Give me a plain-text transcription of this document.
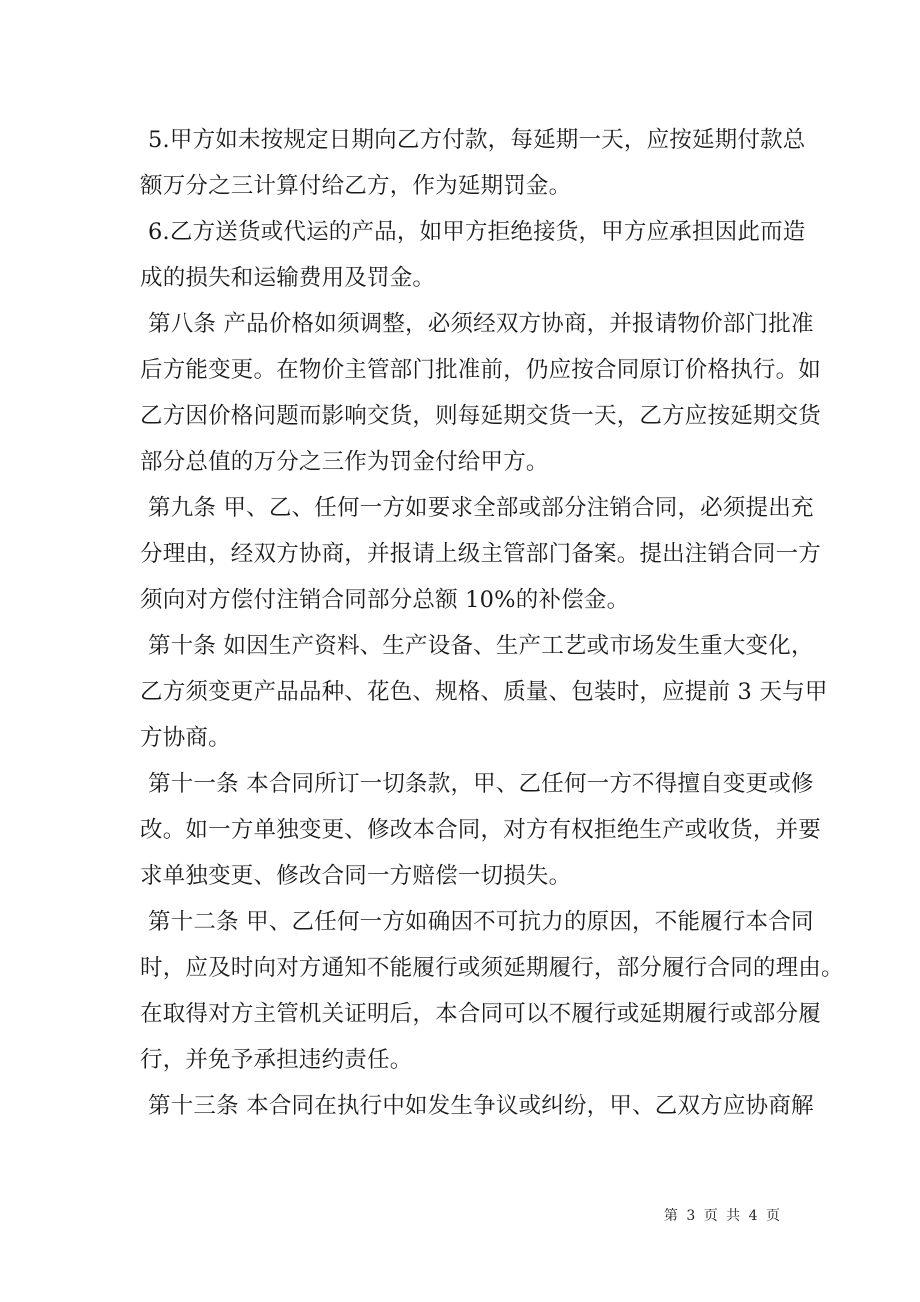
5.甲方如未按规定日期向乙方付款，每延期一天，应按延期付款总
额万分之三计算付给乙方，作为延期罚金。

6.乙方送货或代运的产品，如甲方拒绝接货，甲方应承担因此而造
成的损失和运输费用及罚金。

第八条 产品价格如须调整，必须经双方协商，并报请物价部门批准
后方能变更。在物价主管部门批准前，仍应按合同原订价格执行。如
乙方因价格问题而影响交货，则每延期交货一天，乙方应按延期交货
部分总值的万分之三作为罚金付给甲方。

第九条 甲、乙、任何一方如要求全部或部分注销合同，必须提出充
分理由，经双方协商，并报请上级主管部门备案。提出注销合同一方
须向对方偿付注销合同部分总额 10%的补偿金。

第十条 如因生产资料、生产设备、生产工艺或市场发生重大变化，
乙方须变更产品品种、花色、规格、质量、包装时，应提前 3 天与甲
方协商。

第十一条 本合同所订一切条款，甲、乙任何一方不得擅自变更或修
改。如一方单独变更、修改本合同，对方有权拒绝生产或收货，并要
求单独变更、修改合同一方赔偿一切损失。

第十二条 甲、乙任何一方如确因不可抗力的原因，不能履行本合同
时，应及时向对方通知不能履行或须延期履行，部分履行合同的理由。
在取得对方主管机关证明后，本合同可以不履行或延期履行或部分履
行，并免予承担违约责任。

第十三条 本合同在执行中如发生争议或纠纷，甲、乙双方应协商解

第 3 页 共 4 页
